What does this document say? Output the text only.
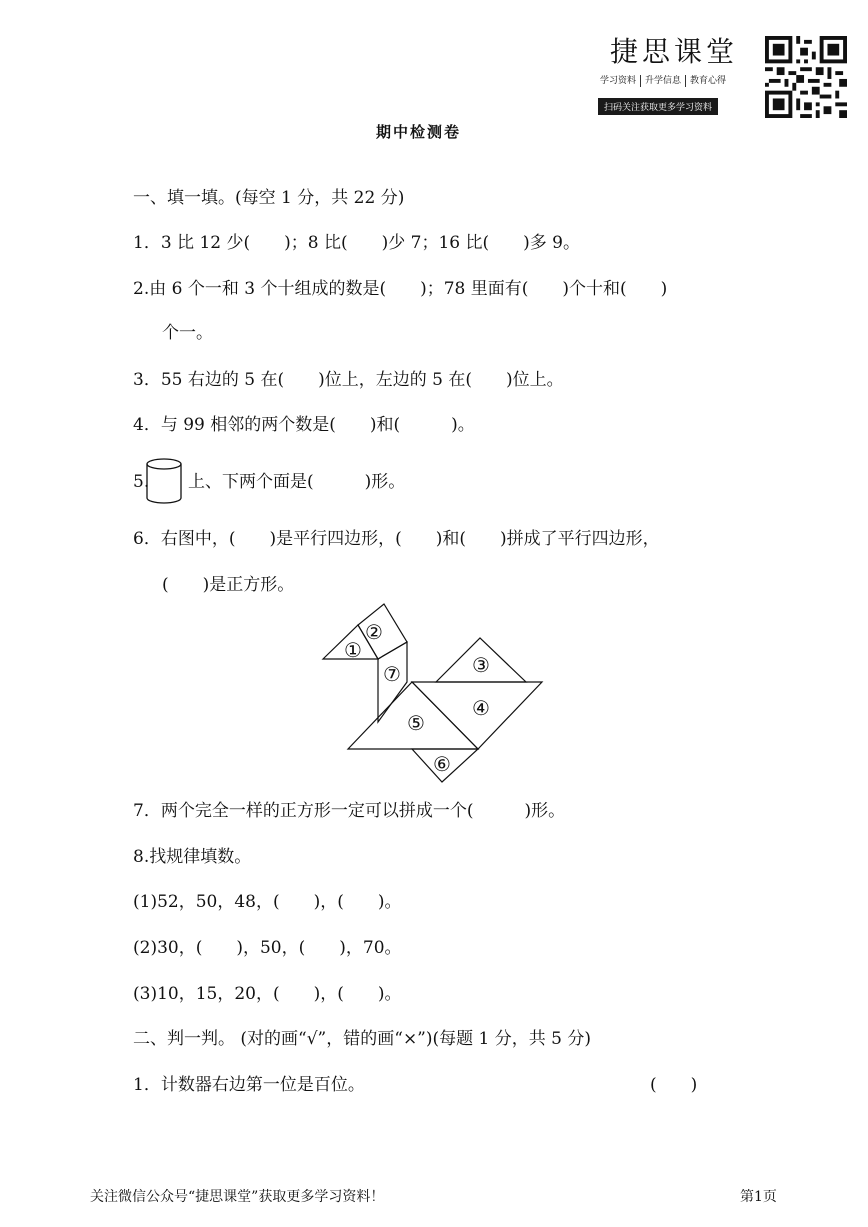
捷思课堂
学习资料 升学信息 教育心得
扫码关注获取更多学习资料
期中检测卷
一、填一填。(每空 1 分，共 22 分)
1．3 比 12 少(　　)；8 比(　　)少 7；16 比(　　)多 9。
2.由 6 个一和 3 个十组成的数是(　　)；78 里面有(　　)个十和(　　)
个一。
3．55 右边的 5 在(　　)位上，左边的 5 在(　　)位上。
4．与 99 相邻的两个数是(　　)和(　　　)。
5. 上、下两个面是(　　　)形。
6．右图中，(　　)是平行四边形，(　　)和(　　)拼成了平行四边形，
(　　)是正方形。
①
②
③
④
⑤
⑥
⑦
7．两个完全一样的正方形一定可以拼成一个(　　　)形。
8.找规律填数。
(1)52，50，48，(　　)，(　　)。
(2)30，(　　)，50，(　　)，70。
(3)10，15，20，(　　)，(　　)。
二、判一判。 (对的画“√”，错的画“×”)(每题 1 分，共 5 分)
1．计数器右边第一位是百位。	(　　)
关注微信公众号“捷思课堂”获取更多学习资料！	第1页
